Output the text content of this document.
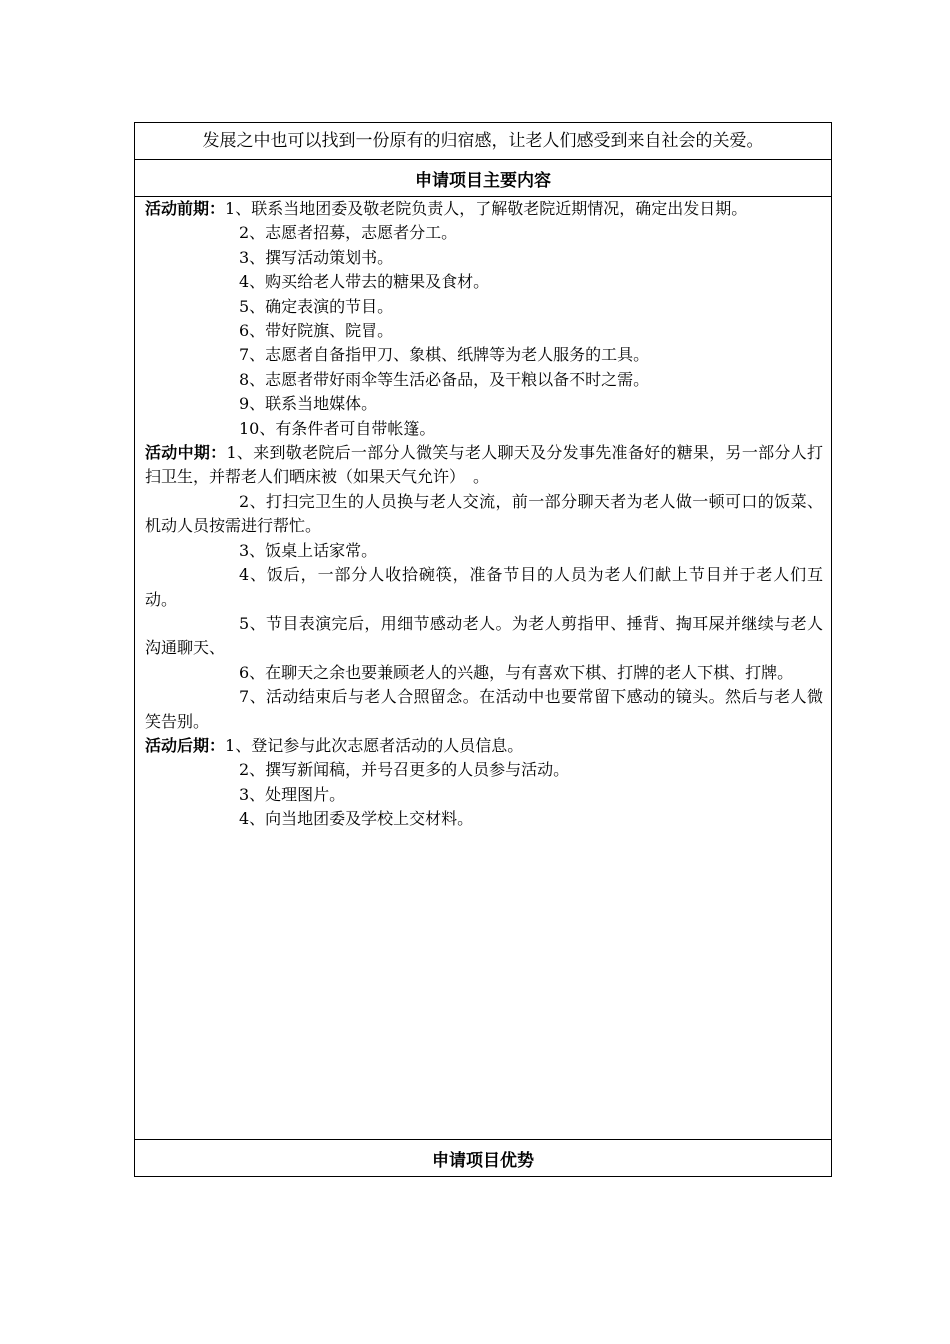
发展之中也可以找到一份原有的归宿感，让老人们感受到来自社会的关爱。
申请项目主要内容

活动前期：1、联系当地团委及敬老院负责人，了解敬老院近期情况，确定出发日期。

2、志愿者招募，志愿者分工。

3、撰写活动策划书。

4、购买给老人带去的糖果及食材。

5、确定表演的节目。

6、带好院旗、院冒。

7、志愿者自备指甲刀、象棋、纸牌等为老人服务的工具。

8、志愿者带好雨伞等生活必备品，及干粮以备不时之需。

9、联系当地媒体。

10、有条件者可自带帐篷。

活动中期：1、来到敬老院后一部分人微笑与老人聊天及分发事先准备好的糖果，另一部分人打扫卫生，并帮老人们晒床被（如果天气允许）　。

2、打扫完卫生的人员换与老人交流，前一部分聊天者为老人做一顿可口的饭菜、机动人员按需进行帮忙。

3、饭桌上话家常。

4、饭后，一部分人收拾碗筷，准备节目的人员为老人们献上节目并于老人们互动。

5、节目表演完后，用细节感动老人。为老人剪指甲、捶背、掏耳屎并继续与老人沟通聊天、

6、在聊天之余也要兼顾老人的兴趣，与有喜欢下棋、打牌的老人下棋、打牌。

7、活动结束后与老人合照留念。在活动中也要常留下感动的镜头。然后与老人微笑告别。

活动后期：1、登记参与此次志愿者活动的人员信息。

2、撰写新闻稿，并号召更多的人员参与活动。

3、处理图片。

4、向当地团委及学校上交材料。

申请项目优势
